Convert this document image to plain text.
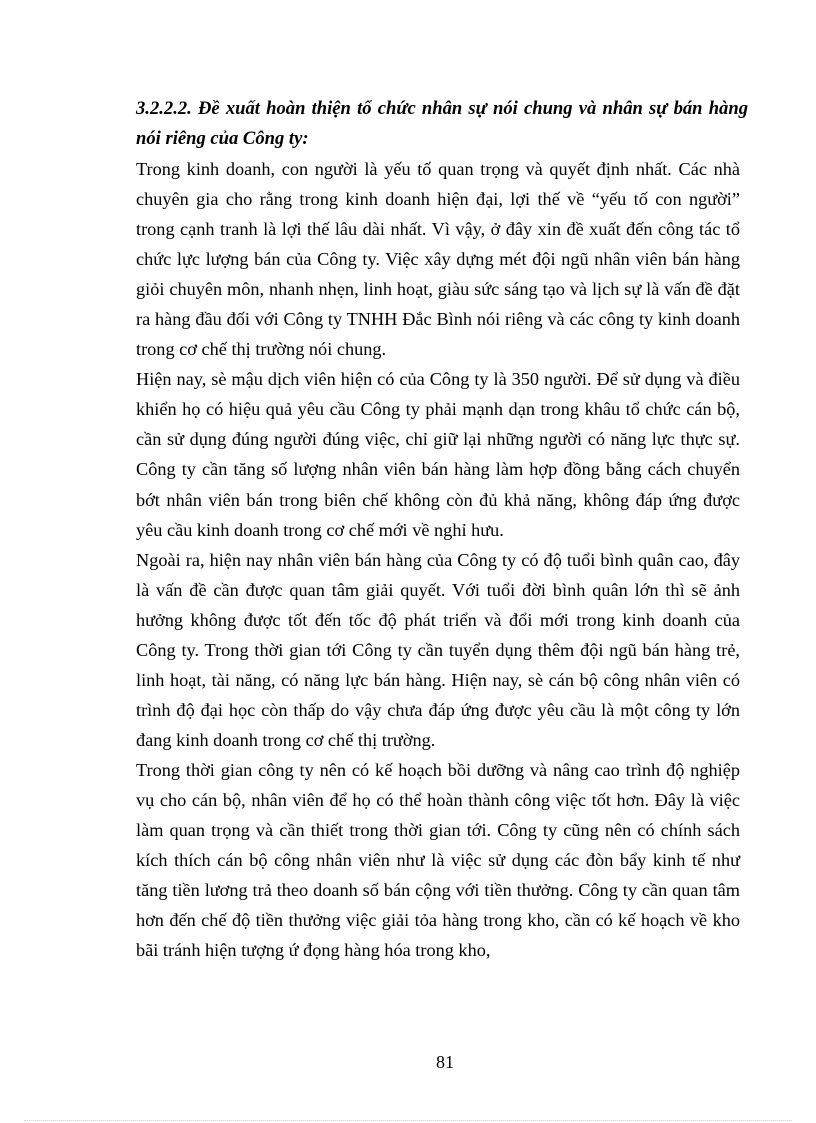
3.2.2.2. Đề xuất hoàn thiện tổ chức nhân sự nói chung và nhân sự bán hàng nói riêng của Công ty:

Trong kinh doanh, con người là yếu tố quan trọng và quyết định nhất. Các nhà chuyên gia cho rằng trong kinh doanh hiện đại, lợi thế về “yếu tố con người” trong cạnh tranh là lợi thế lâu dài nhất. Vì vậy, ở đây xin đề xuất đến công tác tổ chức lực lượng bán của Công ty. Việc xây dựng mét đội ngũ nhân viên bán hàng giỏi chuyên môn, nhanh nhẹn, linh hoạt, giàu sức sáng tạo và lịch sự là vấn đề đặt ra hàng đầu đối với Công ty TNHH Đắc Bình nói riêng và các công ty kinh doanh trong cơ chế thị trường nói chung.

Hiện nay, sè mậu dịch viên hiện có của Công ty là 350 người. Để sử dụng và điều khiển họ có hiệu quả yêu cầu Công ty phải mạnh dạn trong khâu tổ chức cán bộ, cần sử dụng đúng người đúng việc, chỉ giữ lại những người có năng lực thực sự. Công ty cần tăng số lượng nhân viên bán hàng làm hợp đồng bằng cách chuyển bớt nhân viên bán trong biên chế không còn đủ khả năng, không đáp ứng được yêu cầu kinh doanh trong cơ chế mới về nghỉ hưu.

Ngoài ra, hiện nay nhân viên bán hàng của Công ty có độ tuổi bình quân cao, đây là vấn đề cần được quan tâm giải quyết. Với tuổi đời bình quân lớn thì sẽ ảnh hưởng không được tốt đến tốc độ phát triển và đổi mới trong kinh doanh của Công ty. Trong thời gian tới Công ty cần tuyển dụng thêm đội ngũ bán hàng trẻ, linh hoạt, tài năng, có năng lực bán hàng. Hiện nay, sè cán bộ công nhân viên có trình độ đại học còn thấp do vậy chưa đáp ứng được yêu cầu là một công ty lớn đang kinh doanh trong cơ chế thị trường.

Trong thời gian công ty nên có kế hoạch bồi dưỡng và nâng cao trình độ nghiệp vụ cho cán bộ, nhân viên để họ có thể hoàn thành công việc tốt hơn. Đây là việc làm quan trọng và cần thiết trong thời gian tới. Công ty cũng nên có chính sách kích thích cán bộ công nhân viên như là việc sử dụng các đòn bẩy kinh tế như tăng tiền lương trả theo doanh số bán cộng với tiền thưởng. Công ty cần quan tâm hơn đến chế độ tiền thưởng việc giải tỏa hàng trong kho, cần có kế hoạch về kho bãi tránh hiện tượng ứ đọng hàng hóa trong kho,

81
